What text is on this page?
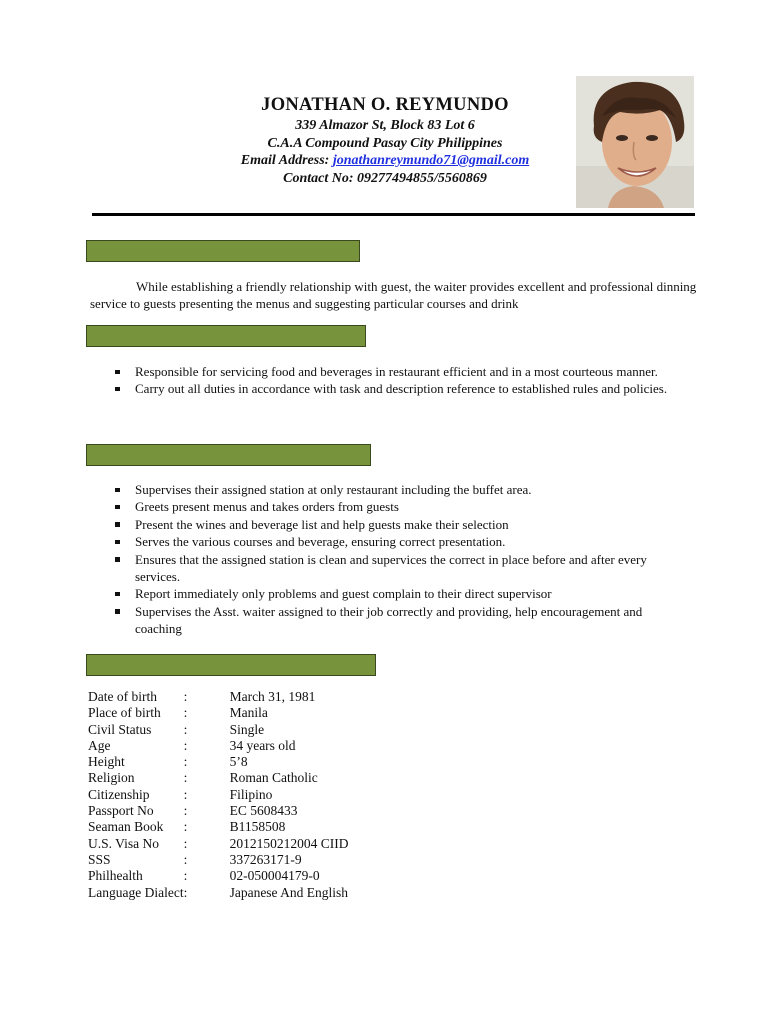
JONATHAN O. REYMUNDO
339 Almazor St, Block 83 Lot 6
C.A.A Compound Pasay City Philippines
Email Address: jonathanreymundo71@gmail.com
Contact No: 09277494855/5560869
While establishing a friendly relationship with guest, the waiter provides excellent and professional dinning service to guests presenting the menus and suggesting particular courses and drink
Responsible for servicing food and beverages in restaurant efficient and in a most courteous manner.
Carry out all duties in accordance with task and description reference to established rules and policies.
Supervises their assigned station at only restaurant including the buffet area.
Greets present menus and takes orders from guests
Present the wines and beverage list and help guests make their selection
Serves the various courses and beverage, ensuring correct presentation.
Ensures that the assigned station is clean and supervices the correct in place before and after every services.
Report immediately only problems and guest complain to their direct supervisor
Supervises the Asst. waiter assigned to their job correctly and providing, help encouragement and coaching
Date of birth	:	March 31, 1981
Place of birth	:	Manila
Civil Status	:	Single
Age	:	34 years old
Height	:	5’8
Religion	:	Roman Catholic
Citizenship	:	Filipino
Passport No	:	EC 5608433
Seaman Book	:	B1158508
U.S. Visa No	:	2012150212004 CIID
SSS	:	337263171-9
Philhealth	:	02-050004179-0
Language Dialect	:	Japanese And English
